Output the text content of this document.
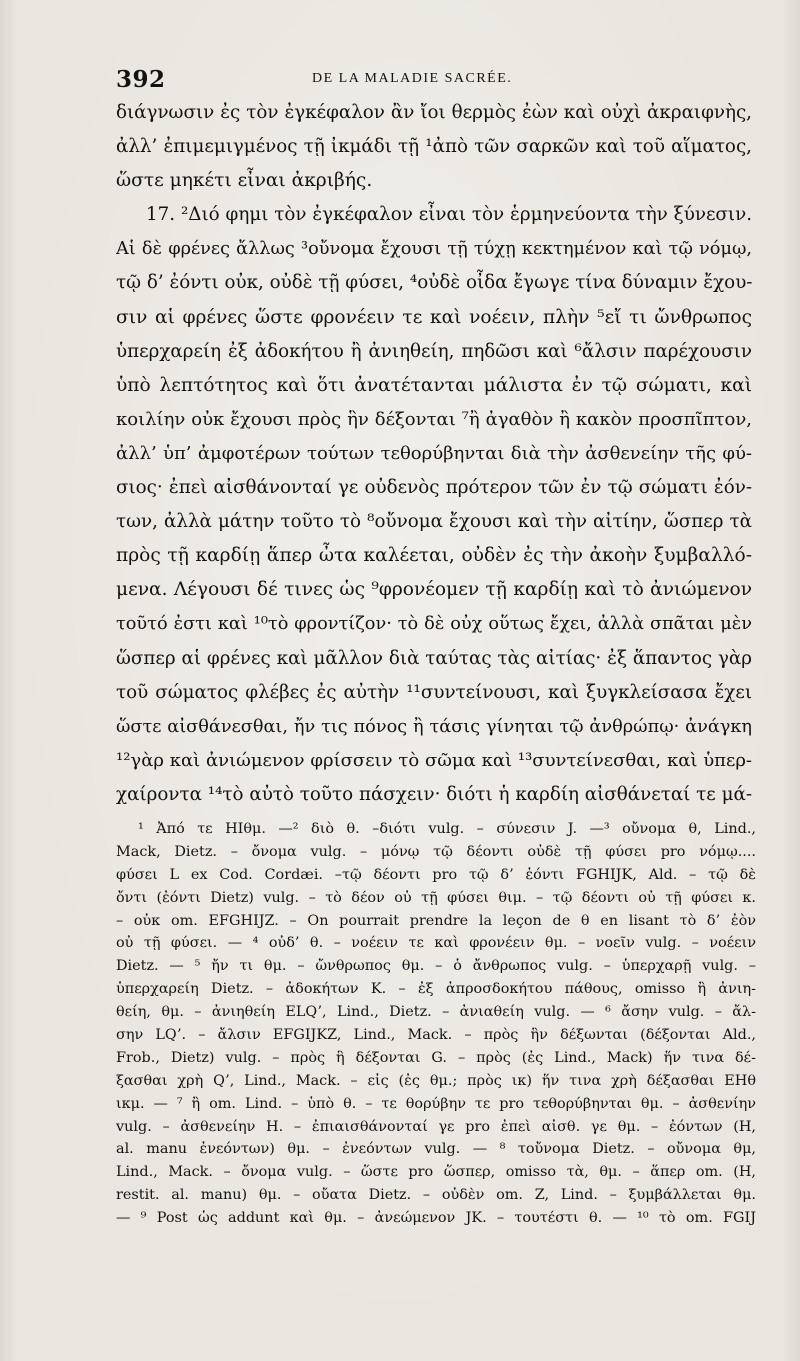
392	DE LA MALADIE SACRÉE.
διάγνωσιν ἐς τὸν ἐγκέφαλον ἂν ἴοι θερμὸς ἐὼν καὶ οὐχὶ ἀκραιφνὴς,
ἀλλ’ ἐπιμεμιγμένος τῇ ἰκμάδι τῇ ¹ἀπὸ τῶν σαρκῶν καὶ τοῦ αἵματος,
ὥστε μηκέτι εἶναι ἀκριβής.
17. ²Διό φημι τὸν ἐγκέφαλον εἶναι τὸν ἑρμηνεύοντα τὴν ξύνεσιν.
Αἱ δὲ φρένες ἄλλως ³οὔνομα ἔχουσι τῇ τύχῃ κεκτημένον καὶ τῷ νόμῳ,
τῷ δ’ ἐόντι οὐκ, οὐδὲ τῇ φύσει, ⁴οὐδὲ οἶδα ἔγωγε τίνα δύναμιν ἔχου-
σιν αἱ φρένες ὥστε φρονέειν τε καὶ νοέειν, πλὴν ⁵εἴ τι ὤνθρωπος
ὑπερχαρείη ἐξ ἀδοκήτου ἢ ἀνιηθείη, πηδῶσι καὶ ⁶ἄλσιν παρέχουσιν
ὑπὸ λεπτότητος καὶ ὅτι ἀνατέτανται μάλιστα ἐν τῷ σώματι, καὶ
κοιλίην οὐκ ἔχουσι πρὸς ἣν δέξονται ⁷ἢ ἀγαθὸν ἢ κακὸν προσπῖπτον,
ἀλλ’ ὑπ’ ἀμφοτέρων τούτων τεθορύβηνται διὰ τὴν ἀσθενείην τῆς φύ-
σιος· ἐπεὶ αἰσθάνονταί γε οὐδενὸς πρότερον τῶν ἐν τῷ σώματι ἐόν-
των, ἀλλὰ μάτην τοῦτο τὸ ⁸οὔνομα ἔχουσι καὶ τὴν αἰτίην, ὥσπερ τὰ
πρὸς τῇ καρδίῃ ἅπερ ὦτα καλέεται, οὐδὲν ἐς τὴν ἀκοὴν ξυμβαλλό-
μενα. Λέγουσι δέ τινες ὡς ⁹φρονέομεν τῇ καρδίῃ καὶ τὸ ἀνιώμενον
τοῦτό ἐστι καὶ ¹⁰τὸ φροντίζον· τὸ δὲ οὐχ οὕτως ἔχει, ἀλλὰ σπᾶται μὲν
ὥσπερ αἱ φρένες καὶ μᾶλλον διὰ ταύτας τὰς αἰτίας· ἐξ ἅπαντος γὰρ
τοῦ σώματος φλέβες ἐς αὐτὴν ¹¹συντείνουσι, καὶ ξυγκλείσασα ἔχει
ὥστε αἰσθάνεσθαι, ἤν τις πόνος ἢ τάσις γίνηται τῷ ἀνθρώπῳ· ἀνάγκη
¹²γὰρ καὶ ἀνιώμενον φρίσσειν τὸ σῶμα καὶ ¹³συντείνεσθαι, καὶ ὑπερ-
χαίροντα ¹⁴τὸ αὐτὸ τοῦτο πάσχειν· διότι ἡ καρδίη αἰσθάνεταί τε μά-
¹ Ἀπό τε ΗΙθμ. —² διὸ θ. –διότι vulg. – σύνεσιν J. —³ οὔνομα θ, Lind.,
Mack, Dietz. – ὄνομα vulg. – μόνῳ τῷ δέοντι οὐδὲ τῇ φύσει pro νόμῳ....
φύσει L ex Cod. Cordæi. –τῷ δέοντι pro τῷ δ’ ἐόντι FGHIJK, Ald. – τῷ δὲ
ὄντι (ἐόντι Dietz) vulg. – τὸ δέον οὐ τῇ φύσει θιμ. – τῷ δέοντι οὐ τῇ φύσει κ.
– οὐκ om. EFGHIJZ. – On pourrait prendre la leçon de θ en lisant τὸ δ’ ἐὸν
οὐ τῇ φύσει. — ⁴ οὐδ’ θ. – νοέειν τε καὶ φρονέειν θμ. – νοεῖν vulg. – νοέειν
Dietz. — ⁵ ἤν τι θμ. – ὤνθρωπος θμ. – ὁ ἄνθρωπος vulg. – ὑπερχαρῇ vulg. –
ὑπερχαρείη Dietz. – ἀδοκήτων K. – ἐξ ἀπροσδοκήτου πάθους, omisso ἢ ἀνιη-
θείη, θμ. – ἀνιηθείη ELQ’, Lind., Dietz. – ἀνιαθείη vulg. — ⁶ ἄσην vulg. – ἄλ-
σην LQ’. – ἄλσιν EFGIJKZ, Lind., Mack. – πρὸς ἣν δέξωνται (δέξονται Ald.,
Frob., Dietz) vulg. – πρὸς ἣ δέξονται G. – πρὸς (ἐς Lind., Mack) ἥν τινα δέ-
ξασθαι χρὴ Q’, Lind., Mack. – εἰς (ἐς θμ.; πρὸς ικ) ἥν τινα χρὴ δέξασθαι ΕΗθ
ικμ. — ⁷ ἢ om. Lind. – ὑπὸ θ. – τε θορύβην τε pro τεθορύβηνται θμ. – ἀσθενίην
vulg. – ἀσθενείην H. – ἐπιαισθάνονταί γε pro ἐπεὶ αἰσθ. γε θμ. – ἐόντων (H,
al. manu ἐνεόντων) θμ. – ἐνεόντων vulg. — ⁸ τοὔνομα Dietz. – οὔνομα θμ,
Lind., Mack. – ὄνομα vulg. – ὥστε pro ὥσπερ, omisso τὰ, θμ. – ἅπερ om. (H,
restit. al. manu) θμ. – οὔατα Dietz. – οὐδὲν om. Z, Lind. – ξυμβάλλεται θμ.
— ⁹ Post ὡς addunt καὶ θμ. – ἀνεώμενον JK. – τουτέστι θ. — ¹⁰ τὸ om. FGIJ
